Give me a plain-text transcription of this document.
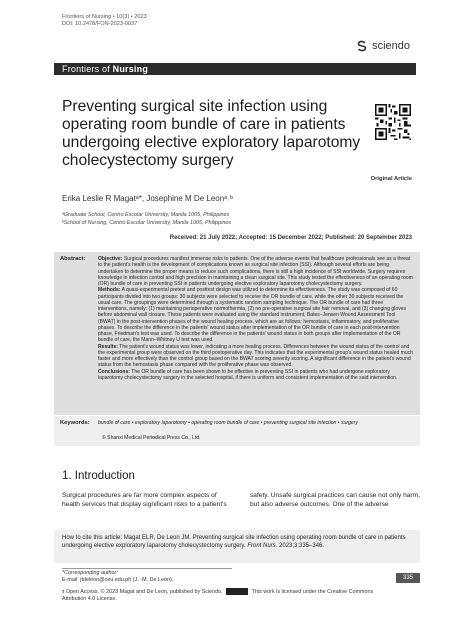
Frontiers of Nursing • 10(3) • 2023
DOI: 10.2478/FON-2023-0037
sciendo
Frontiers of Nursing
Preventing surgical site infection using operating room bundle of care in patients undergoing elective exploratory laparotomy cholecystectomy surgery
Original Article
Erika Leslie R Magatᵃ*, Josephine M De Leonᵃ˒ᵇ
ᵃGraduate School, Centro Escolar University, Manila 1005, Philippines
ᵇSchool of Nursing, Centro Escolar University, Manila 1005, Philippines
Received: 21 July 2022; Accepted: 15 December 2022; Published: 20 September 2023
Abstract: Objective: Surgical procedures manifest immense risks to patients. One of the adverse events that healthcare professionals see as a threat to the patient's health is the development of complications known as surgical site infection (SSI). Although several efforts are being undertaken to determine the proper means to reduce such complications, there is still a high incidence of SSI worldwide. Surgery requires knowledge in infection control and high precision in maintaining a clean surgical site. This study tested the effectiveness of an operating room (OR) bundle of care in preventing SSI in patients undergoing elective exploratory laparotomy cholecystectomy surgery.

Methods: A quasi-experimental pretest and posttest design was utilized to determine its effectiveness. The study was composed of 60 participants divided into two groups: 30 subjects were selected to receive the OR bundle of care, while the other 30 subjects received the usual care. The groupings were determined through a systematic random sampling technique. The OR bundle of care had three interventions, namely: (1) maintaining perioperative normothermia, (2) no pre-operative surgical site hair removal, and (3) changing gloves before abdominal wall closure. These patients were evaluated using the standard instrument, Bates–Jensen Wound Assessment Tool (BWAT) in the post-intervention phases of the wound healing process, which are as follows: hemostasis, inflammatory, and proliferative phases. To describe the difference in the patients' wound status after implementation of the OR bundle of care in each post-intervention phase, Friedman's test was used. To describe the difference in the patients' wound status in both groups after implementation of the OR bundle of care, the Mann–Whitney U test was used.

Results: The patient's wound status was lower, indicating a more healing process. Differences between the wound status of the control and the experimental group were observed on the third postoperative day. This indicates that the experimental group's wound status healed much faster and more effectively than the control group based on the BWAT scoring severity scoring. A significant difference in the patient's wound status from the hemostasis phase compared with the proliferative phase was observed.

Conclusions: The OR bundle of care has been shown to be effective in preventing SSI in patients who had undergone exploratory laparotomy cholecystectomy surgery in the selected hospital, if there is uniform and consistent implementation of the said intervention.

Keywords: bundle of care • exploratory laparotomy • operating room bundle of care • preventing surgical site infection • surgery
© Shanxi Medical Periodical Press Co., Ltd.
1. Introduction
Surgical procedures are far more complex aspects of health services that display significant risks to a patient's
safety. Unsafe surgical practices can cause not only harm, but also adverse outcomes. One of the adverse
How to cite this article: Magat ELR, De Leon JM. Preventing surgical site infection using operating room bundle of care in patients undergoing elective exploratory laparotomy cholecystectomy surgery. Front Nurs. 2023;3:335–346.
*Corresponding author:
E-mail: jtdeleon@ceu.edu.ph (J. -M. De Leon).	335
𝔮 Open Access. © 2023 Magat and De Leon, published by Sciendo.	This work is licensed under the Creative Commons
Attribution 4.0 License.
